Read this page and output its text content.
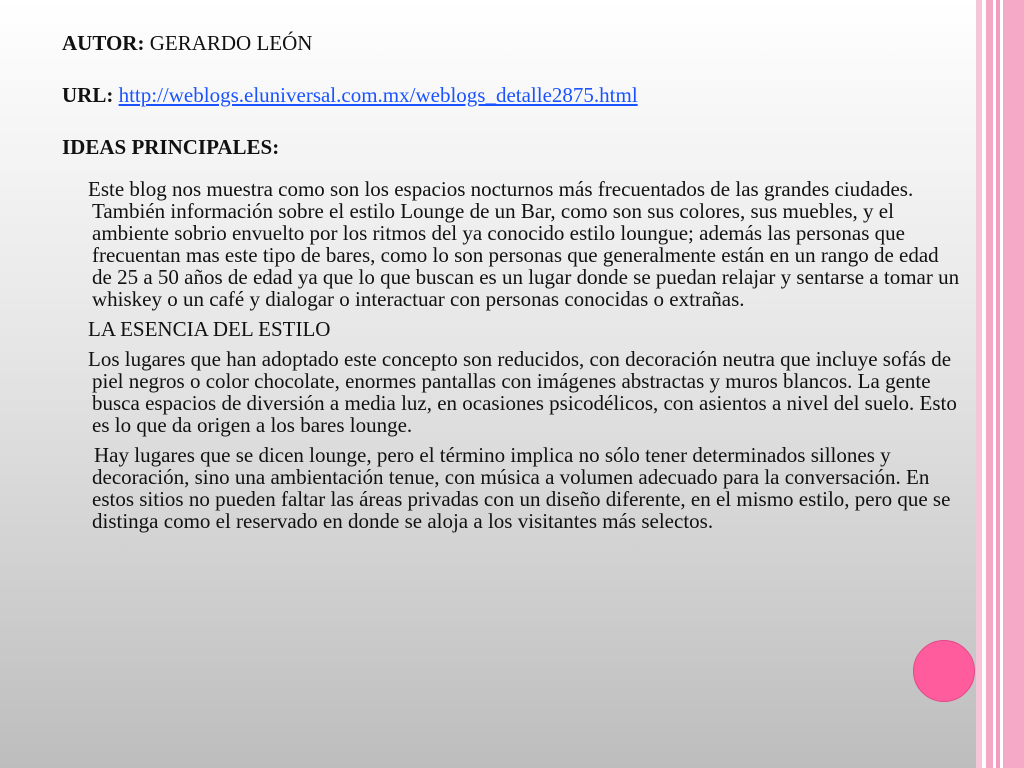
AUTOR: GERARDO LEÓN

URL: http://weblogs.eluniversal.com.mx/weblogs_detalle2875.html

IDEAS PRINCIPALES:

Este blog nos muestra como son los espacios nocturnos más frecuentados de las grandes ciudades. También información sobre el estilo Lounge de un Bar, como son sus colores, sus muebles, y el ambiente sobrio envuelto por los ritmos del ya conocido estilo loungue; además las personas que frecuentan mas este tipo de bares, como lo son personas que generalmente están en un rango de edad de 25 a 50 años de edad ya que lo que buscan es un lugar donde se puedan relajar y sentarse a tomar un whiskey o un café y dialogar o interactuar con personas conocidas o extrañas.

LA ESENCIA DEL ESTILO

Los lugares que han adoptado este concepto son reducidos, con decoración neutra que incluye sofás de piel negros o color chocolate, enormes pantallas con imágenes abstractas y muros blancos. La gente busca espacios de diversión a media luz, en ocasiones psicodélicos, con asientos a nivel del suelo. Esto es lo que da origen a los bares lounge.

Hay lugares que se dicen lounge, pero el término implica no sólo tener determinados sillones y decoración, sino una ambientación tenue, con música a volumen adecuado para la conversación. En estos sitios no pueden faltar las áreas privadas con un diseño diferente, en el mismo estilo, pero que se distinga como el reservado en donde se aloja a los visitantes más selectos.
